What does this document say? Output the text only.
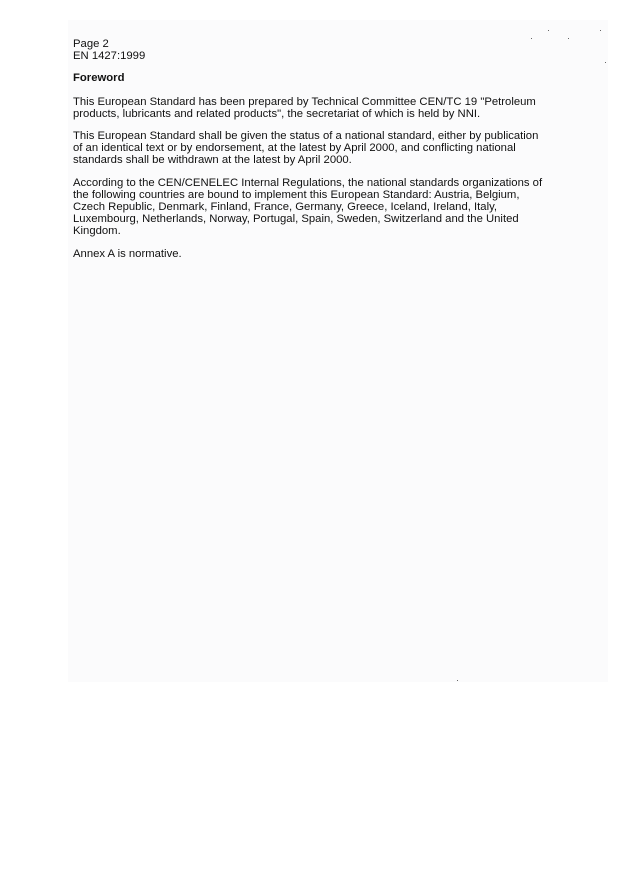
Page 2
EN 1427:1999
Foreword
This European Standard has been prepared by Technical Committee CEN/TC 19 "Petroleum products, lubricants and related products", the secretariat of which is held by NNI.
This European Standard shall be given the status of a national standard, either by publication of an identical text or by endorsement, at the latest by April 2000, and conflicting national standards shall be withdrawn at the latest by April 2000.
According to the CEN/CENELEC Internal Regulations, the national standards organizations of the following countries are bound to implement this European Standard: Austria, Belgium, Czech Republic, Denmark, Finland, France, Germany, Greece, Iceland, Ireland, Italy, Luxembourg, Netherlands, Norway, Portugal, Spain, Sweden, Switzerland and the United Kingdom.
Annex A is normative.
